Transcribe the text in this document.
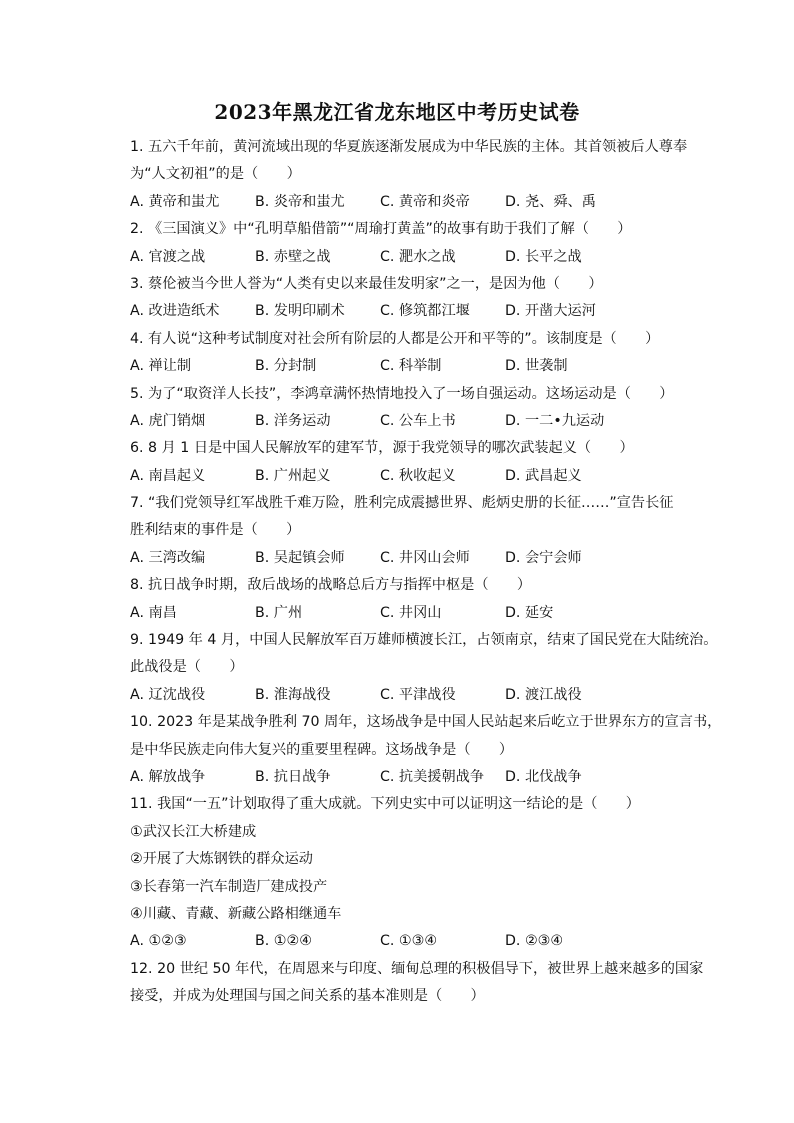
2023年黑龙江省龙东地区中考历史试卷
1. 五六千年前，黄河流域出现的华夏族逐渐发展成为中华民族的主体。其首领被后人尊奉
为“人文初祖”的是（　　）
A. 黄帝和蚩尤	B. 炎帝和蚩尤	C. 黄帝和炎帝	D. 尧、舜、禹
2. 《三国演义》中“孔明草船借箭”“周瑜打黄盖”的故事有助于我们了解（　　）
A. 官渡之战	B. 赤壁之战	C. 淝水之战	D. 长平之战
3. 蔡伦被当今世人誉为“人类有史以来最佳发明家”之一，是因为他（　　）
A. 改进造纸术	B. 发明印刷术	C. 修筑都江堰	D. 开凿大运河
4. 有人说“这种考试制度对社会所有阶层的人都是公开和平等的”。该制度是（　　）
A. 禅让制	B. 分封制	C. 科举制	D. 世袭制
5. 为了“取资洋人长技”，李鸿章满怀热情地投入了一场自强运动。这场运动是（　　）
A. 虎门销烟	B. 洋务运动	C. 公车上书	D. 一二•九运动
6. 8 月 1 日是中国人民解放军的建军节，源于我党领导的哪次武装起义（　　）
A. 南昌起义	B. 广州起义	C. 秋收起义	D. 武昌起义
7. “我们党领导红军战胜千难万险，胜利完成震撼世界、彪炳史册的长征……”宣告长征
胜利结束的事件是（　　）
A. 三湾改编	B. 吴起镇会师	C. 井冈山会师	D. 会宁会师
8. 抗日战争时期，敌后战场的战略总后方与指挥中枢是（　　）
A. 南昌	B. 广州	C. 井冈山	D. 延安
9. 1949 年 4 月，中国人民解放军百万雄师横渡长江，占领南京，结束了国民党在大陆统治。
此战役是（　　）
A. 辽沈战役	B. 淮海战役	C. 平津战役	D. 渡江战役
10. 2023 年是某战争胜利 70 周年，这场战争是中国人民站起来后屹立于世界东方的宣言书，
是中华民族走向伟大复兴的重要里程碑。这场战争是（　　）
A. 解放战争	B. 抗日战争	C. 抗美援朝战争	D. 北伐战争
11. 我国“一五”计划取得了重大成就。下列史实中可以证明这一结论的是（　　）
①武汉长江大桥建成
②开展了大炼钢铁的群众运动
③长春第一汽车制造厂建成投产
④川藏、青藏、新藏公路相继通车
A. ①②③	B. ①②④	C. ①③④	D. ②③④
12. 20 世纪 50 年代，在周恩来与印度、缅甸总理的积极倡导下，被世界上越来越多的国家
接受，并成为处理国与国之间关系的基本准则是（　　）
